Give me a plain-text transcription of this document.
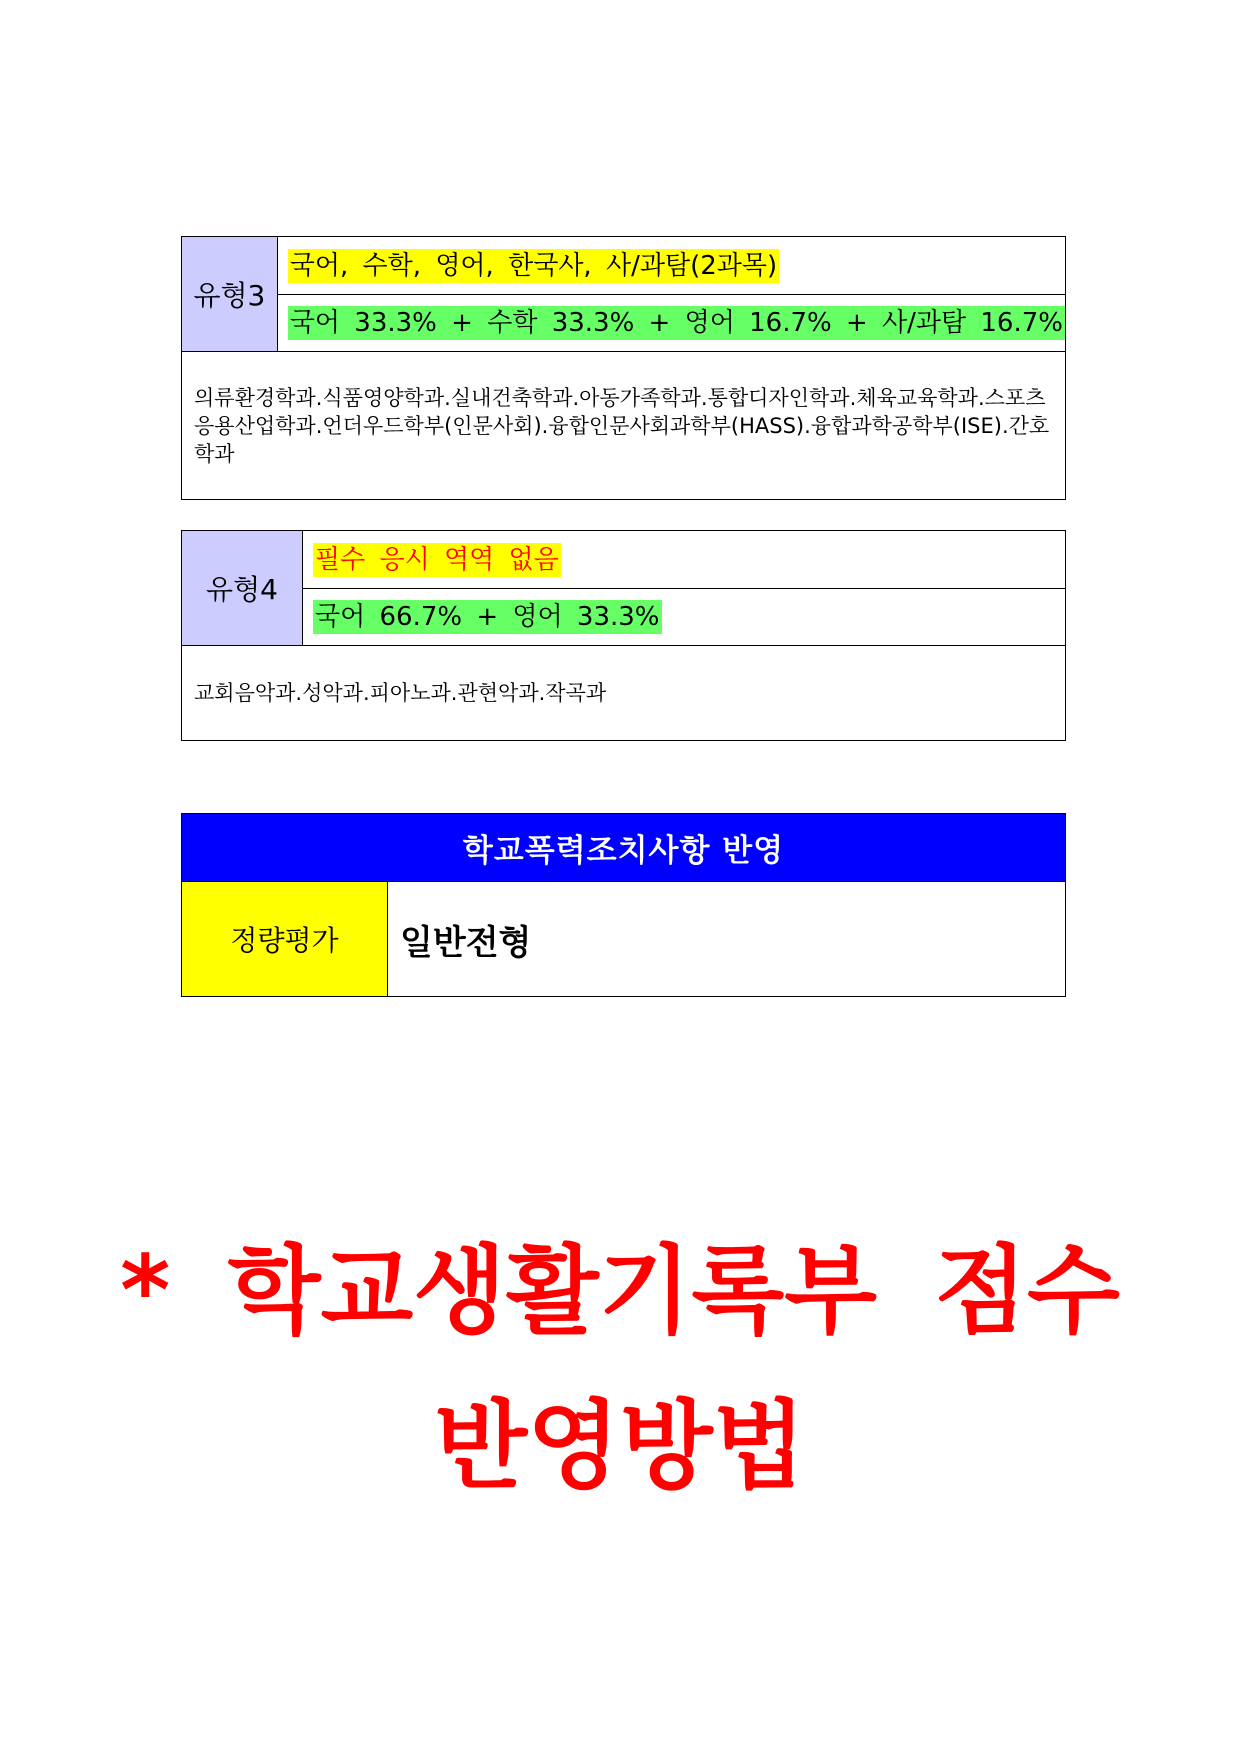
유형3
국어, 수학, 영어, 한국사, 사/과탐(2과목)
국어 33.3% + 수학 33.3% + 영어 16.7% + 사/과탐 16.7%
의류환경학과.식품영양학과.실내건축학과.아동가족학과.통합디자인학과.체육교육학과.스포츠응용산업학과.언더우드학부(인문사회).융합인문사회과학부(HASS).융합과학공학부(ISE).간호학과
유형4
필수 응시 역역 없음
국어 66.7% + 영어 33.3%
교회음악과.성악과.피아노과.관현악과.작곡과
학교폭력조치사항 반영
정량평가	일반전형
* 학교생활기록부 점수
반영방법
